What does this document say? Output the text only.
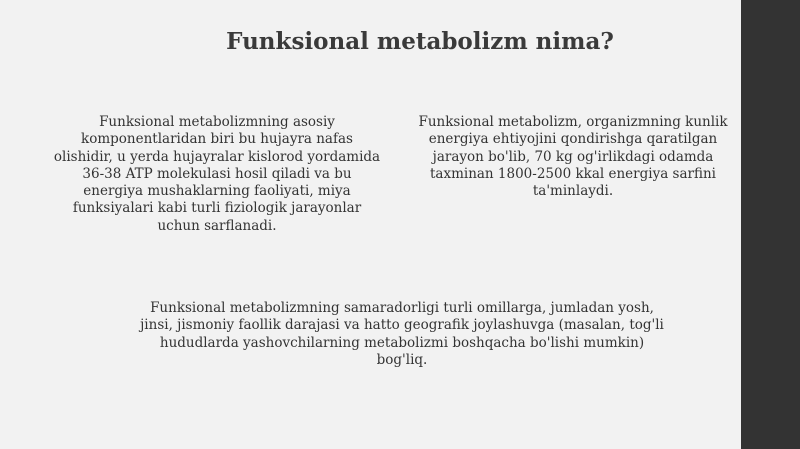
Funksional metabolizm nima?

Funksional metabolizmning asosiy komponentlaridan biri bu hujayra nafas olishidir, u yerda hujayralar kislorod yordamida 36-38 ATP molekulasi hosil qiladi va bu energiya mushaklarning faoliyati, miya funksiyalari kabi turli fiziologik jarayonlar uchun sarflanadi.

Funksional metabolizm, organizmning kunlik energiya ehtiyojini qondirishga qaratilgan jarayon bo'lib, 70 kg og'irlikdagi odamda taxminan 1800-2500 kkal energiya sarfini ta'minlaydi.

Funksional metabolizmning samaradorligi turli omillarga, jumladan yosh, jinsi, jismoniy faollik darajasi va hatto geografik joylashuvga (masalan, tog'li hududlarda yashovchilarning metabolizmi boshqacha bo'lishi mumkin) bog'liq.
